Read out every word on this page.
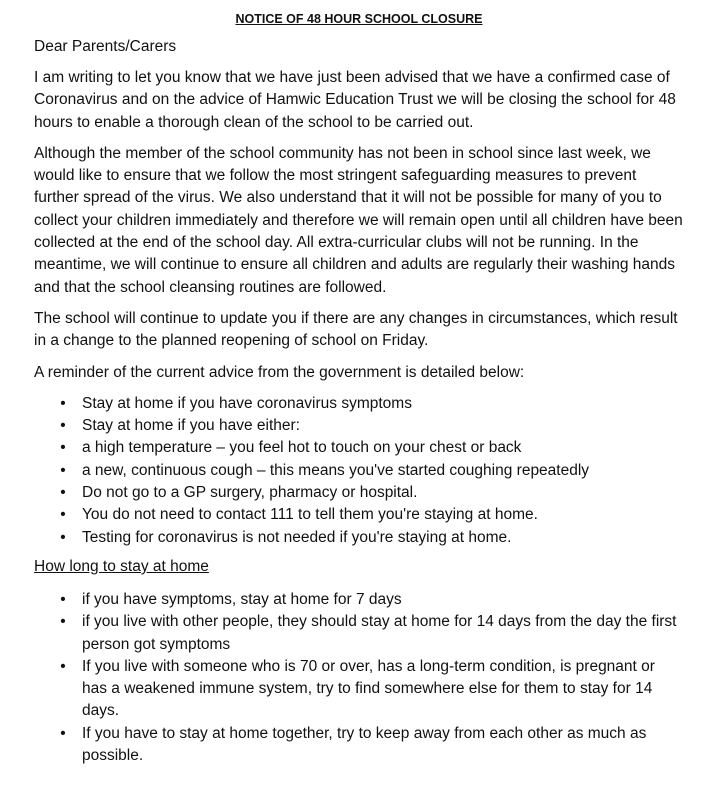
NOTICE OF 48 HOUR SCHOOL CLOSURE
Dear Parents/Carers

I am writing to let you know that we have just been advised that we have a confirmed case of Coronavirus and on the advice of Hamwic Education Trust we will be closing the school for 48 hours to enable a thorough clean of the school to be carried out.

Although the member of the school community has not been in school since last week, we would like to ensure that we follow the most stringent safeguarding measures to prevent further spread of the virus. We also understand that it will not be possible for many of you to collect your children immediately and therefore we will remain open until all children have been collected at the end of the school day. All extra-curricular clubs will not be running. In the meantime, we will continue to ensure all children and adults are regularly their washing hands and that the school cleansing routines are followed.

The school will continue to update you if there are any changes in circumstances, which result in a change to the planned reopening of school on Friday.

A reminder of the current advice from the government is detailed below:

• Stay at home if you have coronavirus symptoms
• Stay at home if you have either:
• a high temperature – you feel hot to touch on your chest or back
• a new, continuous cough – this means you've started coughing repeatedly
• Do not go to a GP surgery, pharmacy or hospital.
• You do not need to contact 111 to tell them you're staying at home.
• Testing for coronavirus is not needed if you're staying at home.
How long to stay at home
• if you have symptoms, stay at home for 7 days
• if you live with other people, they should stay at home for 14 days from the day the first person got symptoms
• If you live with someone who is 70 or over, has a long-term condition, is pregnant or has a weakened immune system, try to find somewhere else for them to stay for 14 days.
• If you have to stay at home together, try to keep away from each other as much as possible.
